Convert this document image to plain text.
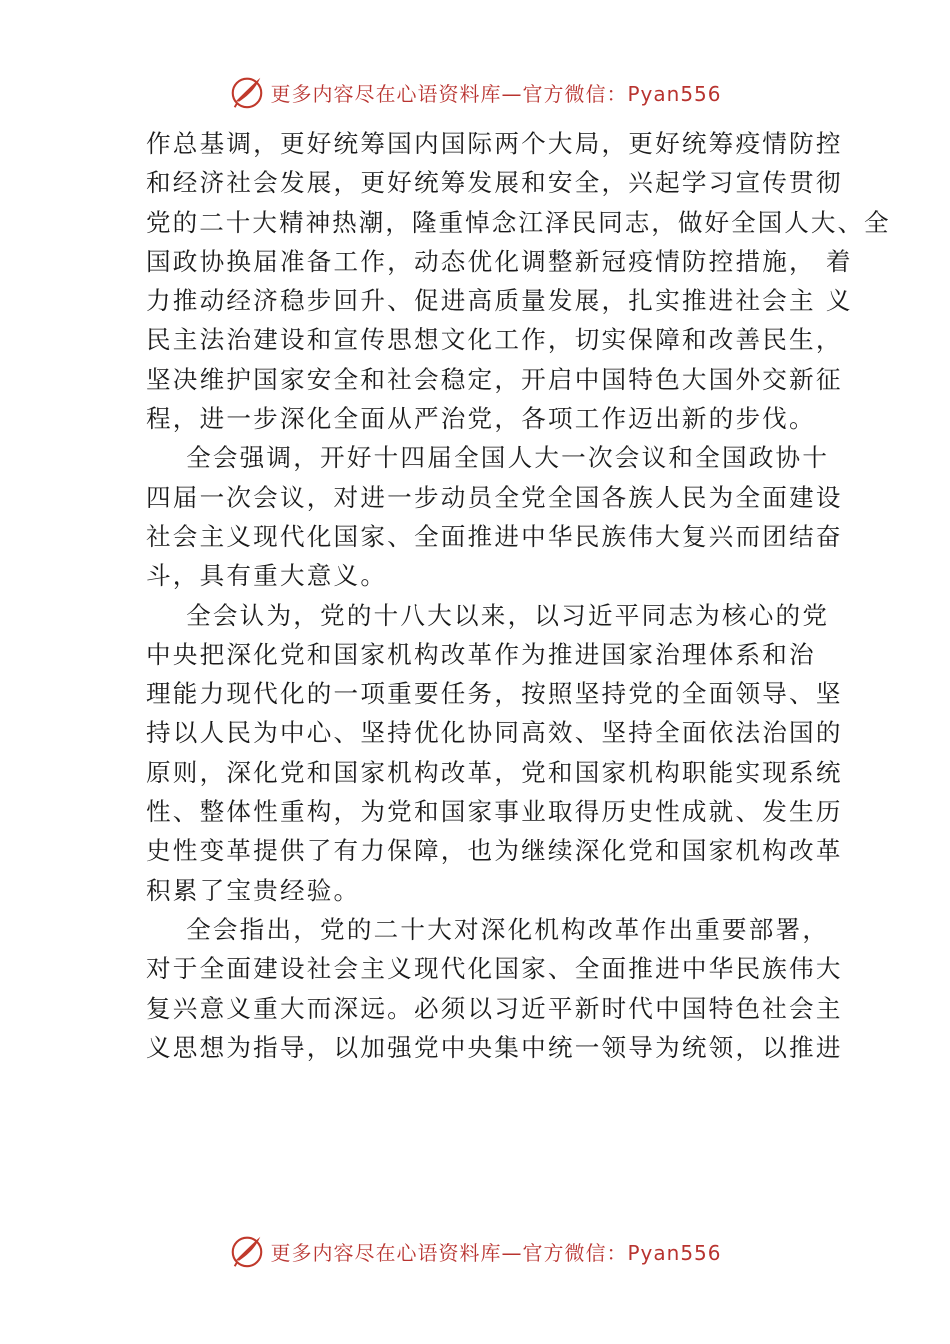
更多内容尽在心语资料库—官方微信：Pyan556
作总基调，更好统筹国内国际两个大局，更好统筹疫情防控
和经济社会发展，更好统筹发展和安全，兴起学习宣传贯彻
党的二十大精神热潮，隆重悼念江泽民同志，做好全国人大、全
国政协换届准备工作，动态优化调整新冠疫情防控措施， 着
力推动经济稳步回升、促进高质量发展，扎实推进社会主 义
民主法治建设和宣传思想文化工作，切实保障和改善民生，
坚决维护国家安全和社会稳定，开启中国特色大国外交新征
程，进一步深化全面从严治党，各项工作迈出新的步伐。
全会强调，开好十四届全国人大一次会议和全国政协十
四届一次会议，对进一步动员全党全国各族人民为全面建设
社会主义现代化国家、全面推进中华民族伟大复兴而团结奋
斗，具有重大意义。
全会认为，党的十八大以来，以习近平同志为核心的党
中央把深化党和国家机构改革作为推进国家治理体系和治
理能力现代化的一项重要任务，按照坚持党的全面领导、坚
持以人民为中心、坚持优化协同高效、坚持全面依法治国的
原则，深化党和国家机构改革，党和国家机构职能实现系统
性、整体性重构，为党和国家事业取得历史性成就、发生历
史性变革提供了有力保障，也为继续深化党和国家机构改革
积累了宝贵经验。
全会指出，党的二十大对深化机构改革作出重要部署，
对于全面建设社会主义现代化国家、全面推进中华民族伟大
复兴意义重大而深远。必须以习近平新时代中国特色社会主
义思想为指导，以加强党中央集中统一领导为统领，以推进
更多内容尽在心语资料库—官方微信：Pyan556
